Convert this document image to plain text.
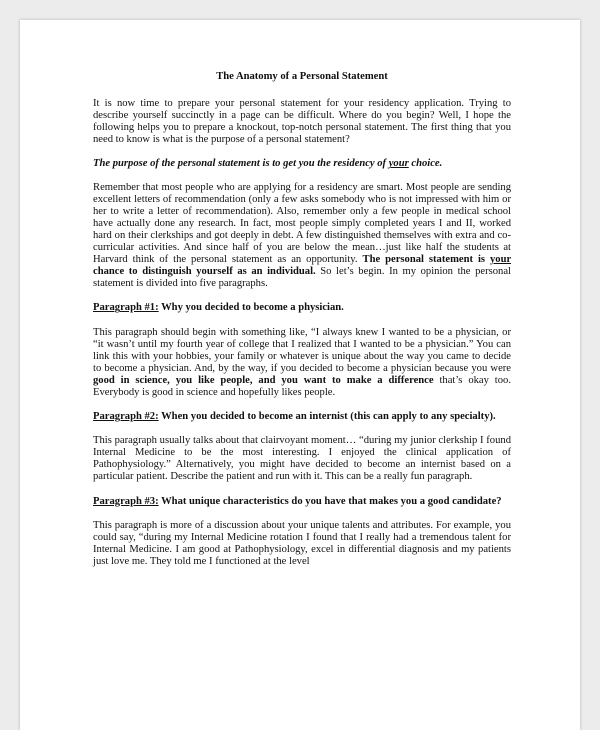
The Anatomy of a Personal Statement

It is now time to prepare your personal statement for your residency application. Trying to describe yourself succinctly in a page can be difficult. Where do you begin? Well, I hope the following helps you to prepare a knockout, top-notch personal statement. The first thing that you need to know is what is the purpose of a personal statement?

The purpose of the personal statement is to get you the residency of your choice.

Remember that most people who are applying for a residency are smart. Most people are sending excellent letters of recommendation (only a few asks somebody who is not impressed with him or her to write a letter of recommendation). Also, remember only a few people in medical school have actually done any research. In fact, most people simply completed years I and II, worked hard on their clerkships and got deeply in debt. A few distinguished themselves with extra and co-curricular activities. And since half of you are below the mean…just like half the students at Harvard think of the personal statement as an opportunity. The personal statement is your chance to distinguish yourself as an individual. So let’s begin. In my opinion the personal statement is divided into five paragraphs.

Paragraph #1: Why you decided to become a physician.

This paragraph should begin with something like, “I always knew I wanted to be a physician, or “it wasn’t until my fourth year of college that I realized that I wanted to be a physician.” You can link this with your hobbies, your family or whatever is unique about the way you came to decide to become a physician. And, by the way, if you decided to become a physician because you were good in science, you like people, and you want to make a difference that’s okay too. Everybody is good in science and hopefully likes people.

Paragraph #2: When you decided to become an internist (this can apply to any specialty).

This paragraph usually talks about that clairvoyant moment… “during my junior clerkship I found Internal Medicine to be the most interesting. I enjoyed the clinical application of Pathophysiology.” Alternatively, you might have decided to become an internist based on a particular patient. Describe the patient and run with it. This can be a really fun paragraph.

Paragraph #3: What unique characteristics do you have that makes you a good candidate?

This paragraph is more of a discussion about your unique talents and attributes. For example, you could say, “during my Internal Medicine rotation I found that I really had a tremendous talent for Internal Medicine. I am good at Pathophysiology, excel in differential diagnosis and my patients just love me. They told me I functioned at the level
